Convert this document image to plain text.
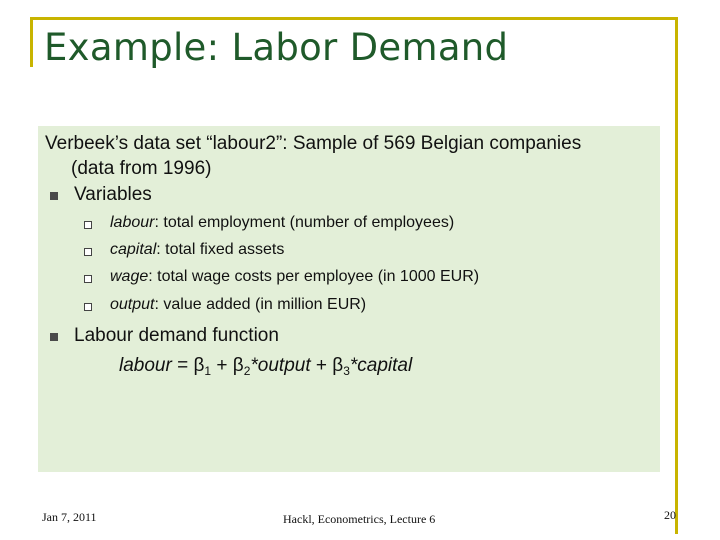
Example: Labor Demand
Verbeek’s data set “labour2”: Sample of 569 Belgian companies
(data from 1996)
Variables
labour: total employment (number of employees)
capital: total fixed assets
wage: total wage costs per employee (in 1000 EUR)
output: value added (in million EUR)
Labour demand function
labour = $\beta_1$ + $\beta_2*output$ + $\beta_3*capital$
Jan 7, 2011	Hackl, Econometrics, Lecture 6	20
